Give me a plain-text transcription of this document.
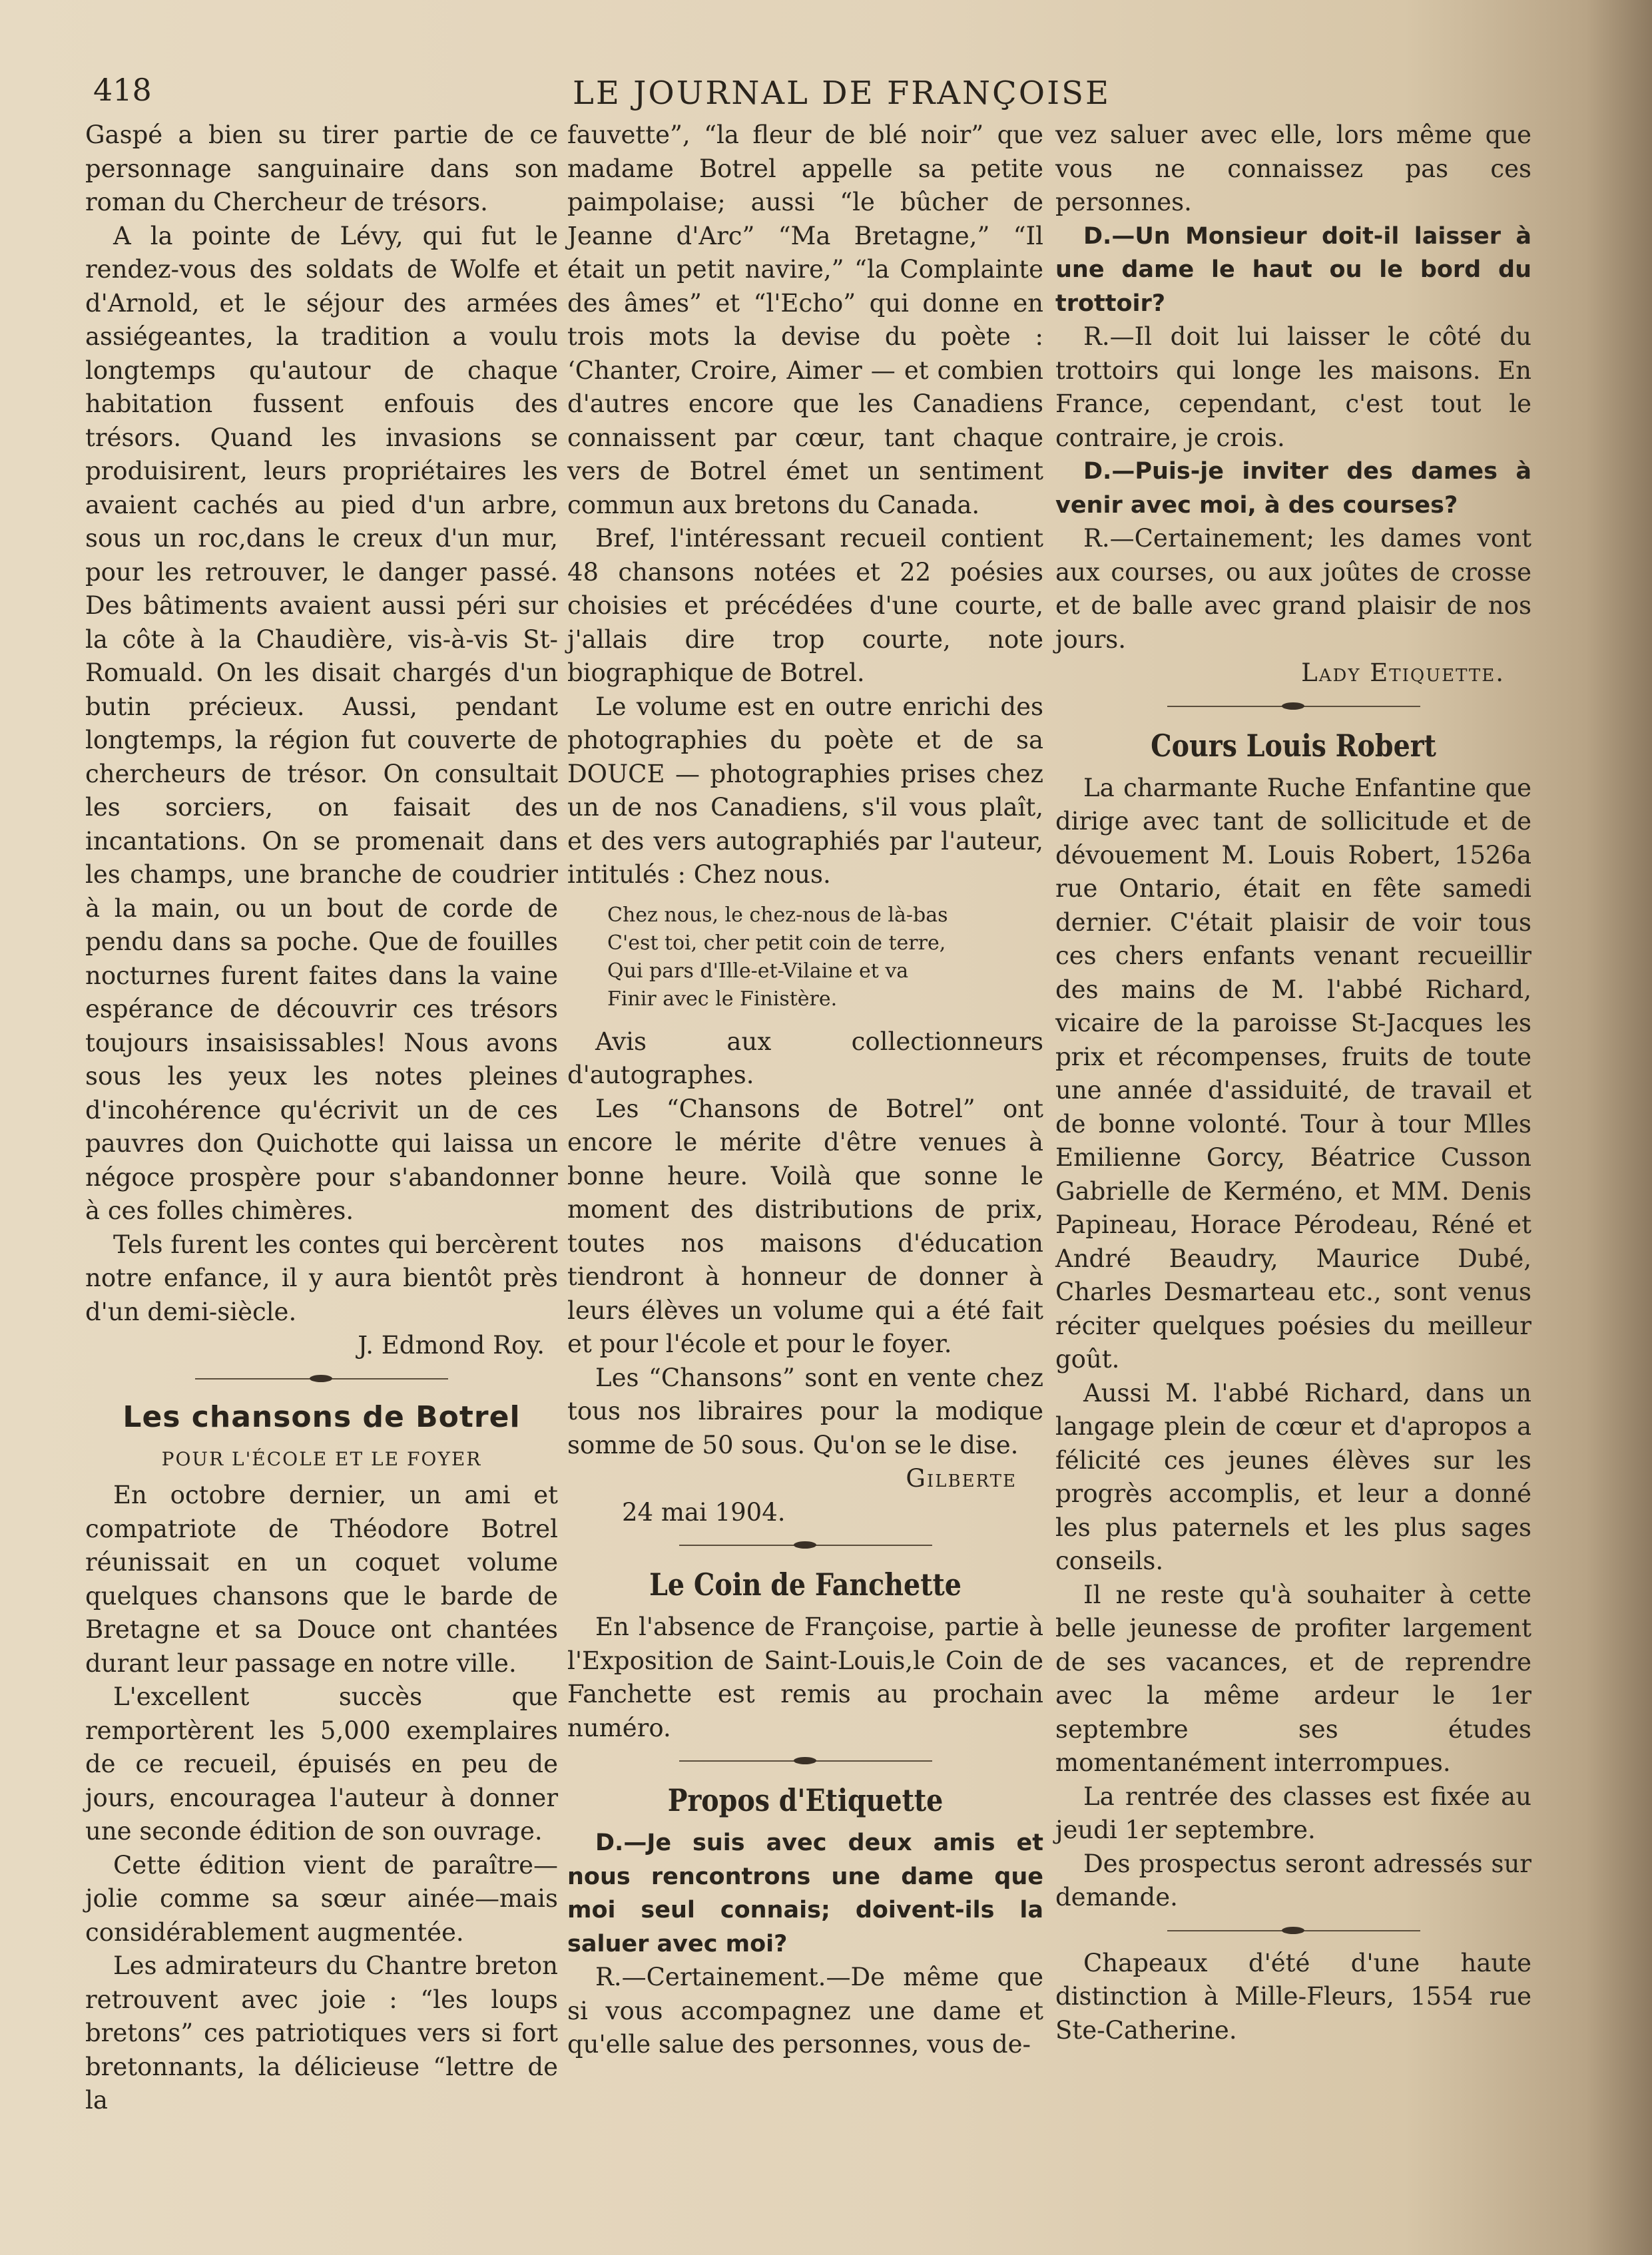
418	LE JOURNAL DE FRANÇOISE

Gaspé a bien su tirer partie de ce personnage sanguinaire dans son roman du Chercheur de trésors.

A la pointe de Lévy, qui fut le rendez-vous des soldats de Wolfe et d'Arnold, et le séjour des armées assiégeantes, la tradition a voulu longtemps qu'autour de chaque habitation fussent enfouis des trésors. Quand les invasions se produisirent, leurs propriétaires les avaient cachés au pied d'un arbre, sous un roc,dans le creux d'un mur, pour les retrouver, le danger passé. Des bâtiments avaient aussi péri sur la côte à la Chaudière, vis-à-vis St-Romuald. On les disait chargés d'un butin précieux. Aussi, pendant longtemps, la région fut couverte de chercheurs de trésor. On consultait les sorciers, on faisait des incantations. On se promenait dans les champs, une branche de coudrier à la main, ou un bout de corde de pendu dans sa poche. Que de fouilles nocturnes furent faites dans la vaine espérance de découvrir ces trésors toujours insaisissables! Nous avons sous les yeux les notes pleines d'incohérence qu'écrivit un de ces pauvres don Quichotte qui laissa un négoce prospère pour s'abandonner à ces folles chimères.

Tels furent les contes qui bercèrent notre enfance, il y aura bientôt près d'un demi-siècle.

J. Edmond Roy.

Les chansons de Botrel
POUR L'ÉCOLE ET LE FOYER

En octobre dernier, un ami et compatriote de Théodore Botrel réunissait en un coquet volume quelques chansons que le barde de Bretagne et sa Douce ont chantées durant leur passage en notre ville.

L'excellent succès que remportèrent les 5,000 exemplaires de ce recueil, épuisés en peu de jours, encouragea l'auteur à donner une seconde édition de son ouvrage.

Cette édition vient de paraître—jolie comme sa sœur ainée—mais considérablement augmentée.

Les admirateurs du Chantre breton retrouvent avec joie : “les loups bretons” ces patriotiques vers si fort bretonnants, la délicieuse “lettre de la

fauvette”, “la fleur de blé noir” que madame Botrel appelle sa petite paimpolaise; aussi “le bûcher de Jeanne d'Arc” “Ma Bretagne,” “Il était un petit navire,” “la Complainte des âmes” et “l'Echo” qui donne en trois mots la devise du poète : ‘Chanter, Croire, Aimer — et combien d'autres encore que les Canadiens connaissent par cœur, tant chaque vers de Botrel émet un sentiment commun aux bretons du Canada.

Bref, l'intéressant recueil contient 48 chansons notées et 22 poésies choisies et précédées d'une courte, j'allais dire trop courte, note biographique de Botrel.

Le volume est en outre enrichi des photographies du poète et de sa DOUCE — photographies prises chez un de nos Canadiens, s'il vous plaît, et des vers autographiés par l'auteur, intitulés : Chez nous.

Chez nous, le chez-nous de là-bas
C'est toi, cher petit coin de terre,
Qui pars d'Ille-et-Vilaine et va
Finir avec le Finistère.

Avis aux collectionneurs d'autographes.

Les “Chansons de Botrel” ont encore le mérite d'être venues à bonne heure. Voilà que sonne le moment des distributions de prix, toutes nos maisons d'éducation tiendront à honneur de donner à leurs élèves un volume qui a été fait et pour l'école et pour le foyer.

Les “Chansons” sont en vente chez tous nos libraires pour la modique somme de 50 sous. Qu'on se le dise.

Gilberte

24 mai 1904.

Le Coin de Fanchette

En l'absence de Françoise, partie à l'Exposition de Saint-Louis,le Coin de Fanchette est remis au prochain numéro.

Propos d'Etiquette

D.—Je suis avec deux amis et nous rencontrons une dame que moi seul connais; doivent-ils la saluer avec moi?

R.—Certainement.—De même que si vous accompagnez une dame et qu'elle salue des personnes, vous de-

vez saluer avec elle, lors même que vous ne connaissez pas ces personnes.

D.—Un Monsieur doit-il laisser à une dame le haut ou le bord du trottoir?

R.—Il doit lui laisser le côté du trottoirs qui longe les maisons. En France, cependant, c'est tout le contraire, je crois.

D.—Puis-je inviter des dames à venir avec moi, à des courses?

R.—Certainement; les dames vont aux courses, ou aux joûtes de crosse et de balle avec grand plaisir de nos jours.

Lady Etiquette.

Cours Louis Robert

La charmante Ruche Enfantine que dirige avec tant de sollicitude et de dévouement M. Louis Robert, 1526a rue Ontario, était en fête samedi dernier. C'était plaisir de voir tous ces chers enfants venant recueillir des mains de M. l'abbé Richard, vicaire de la paroisse St-Jacques les prix et récompenses, fruits de toute une année d'assiduité, de travail et de bonne volonté. Tour à tour Mlles Emilienne Gorcy, Béatrice Cusson Gabrielle de Kerméno, et MM. Denis Papineau, Horace Pérodeau, Réné et André Beaudry, Maurice Dubé, Charles Desmarteau etc., sont venus réciter quelques poésies du meilleur goût.

Aussi M. l'abbé Richard, dans un langage plein de cœur et d'apropos a félicité ces jeunes élèves sur les progrès accomplis, et leur a donné les plus paternels et les plus sages conseils.

Il ne reste qu'à souhaiter à cette belle jeunesse de profiter largement de ses vacances, et de reprendre avec la même ardeur le 1er septembre ses études momentanément interrompues.

La rentrée des classes est fixée au jeudi 1er septembre.

Des prospectus seront adressés sur demande.

Chapeaux d'été d'une haute distinction à Mille-Fleurs, 1554 rue Ste-Catherine.
